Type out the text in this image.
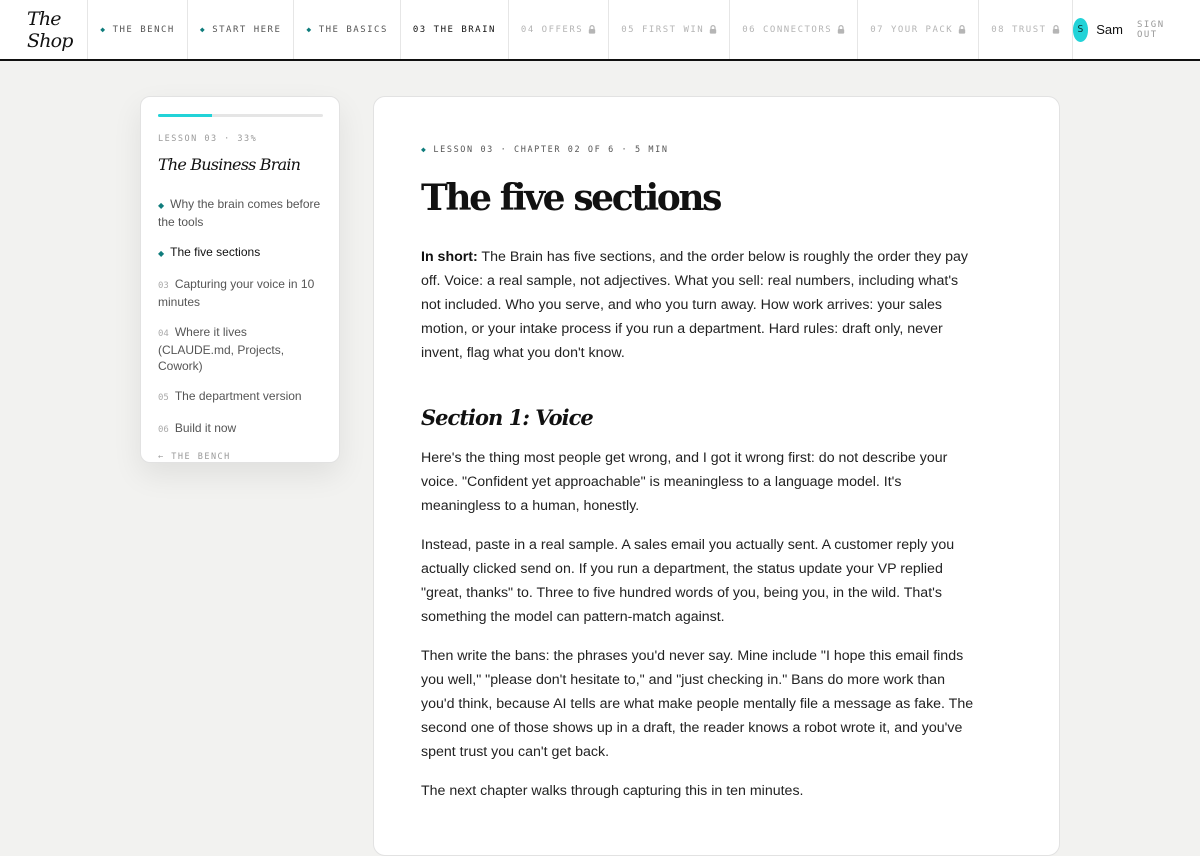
The Shop	◆ THE BENCH	◆ START HERE	◆ THE BASICS	03 THE BRAIN	04 OFFERS	05 FIRST WIN	06 CONNECTORS	07 YOUR PACK	08 TRUST	S Sam SIGN OUT
LESSON 03 · 33%
The Business Brain
◆ Why the brain comes before the tools
◆ The five sections
03 Capturing your voice in 10 minutes
04 Where it lives (CLAUDE.md, Projects, Cowork)
05 The department version
06 Build it now
← THE BENCH
◆ LESSON 03 · CHAPTER 02 OF 6 · 5 MIN
The five sections

In short: The Brain has five sections, and the order below is roughly the order they pay off. Voice: a real sample, not adjectives. What you sell: real numbers, including what's not included. Who you serve, and who you turn away. How work arrives: your sales motion, or your intake process if you run a department. Hard rules: draft only, never invent, flag what you don't know.

Section 1: Voice

Here's the thing most people get wrong, and I got it wrong first: do not describe your voice. "Confident yet approachable" is meaningless to a language model. It's meaningless to a human, honestly.

Instead, paste in a real sample. A sales email you actually sent. A customer reply you actually clicked send on. If you run a department, the status update your VP replied "great, thanks" to. Three to five hundred words of you, being you, in the wild. That's something the model can pattern-match against.

Then write the bans: the phrases you'd never say. Mine include "I hope this email finds you well," "please don't hesitate to," and "just checking in." Bans do more work than you'd think, because AI tells are what make people mentally file a message as fake. The second one of those shows up in a draft, the reader knows a robot wrote it, and you've spent trust you can't get back.

The next chapter walks through capturing this in ten minutes.
